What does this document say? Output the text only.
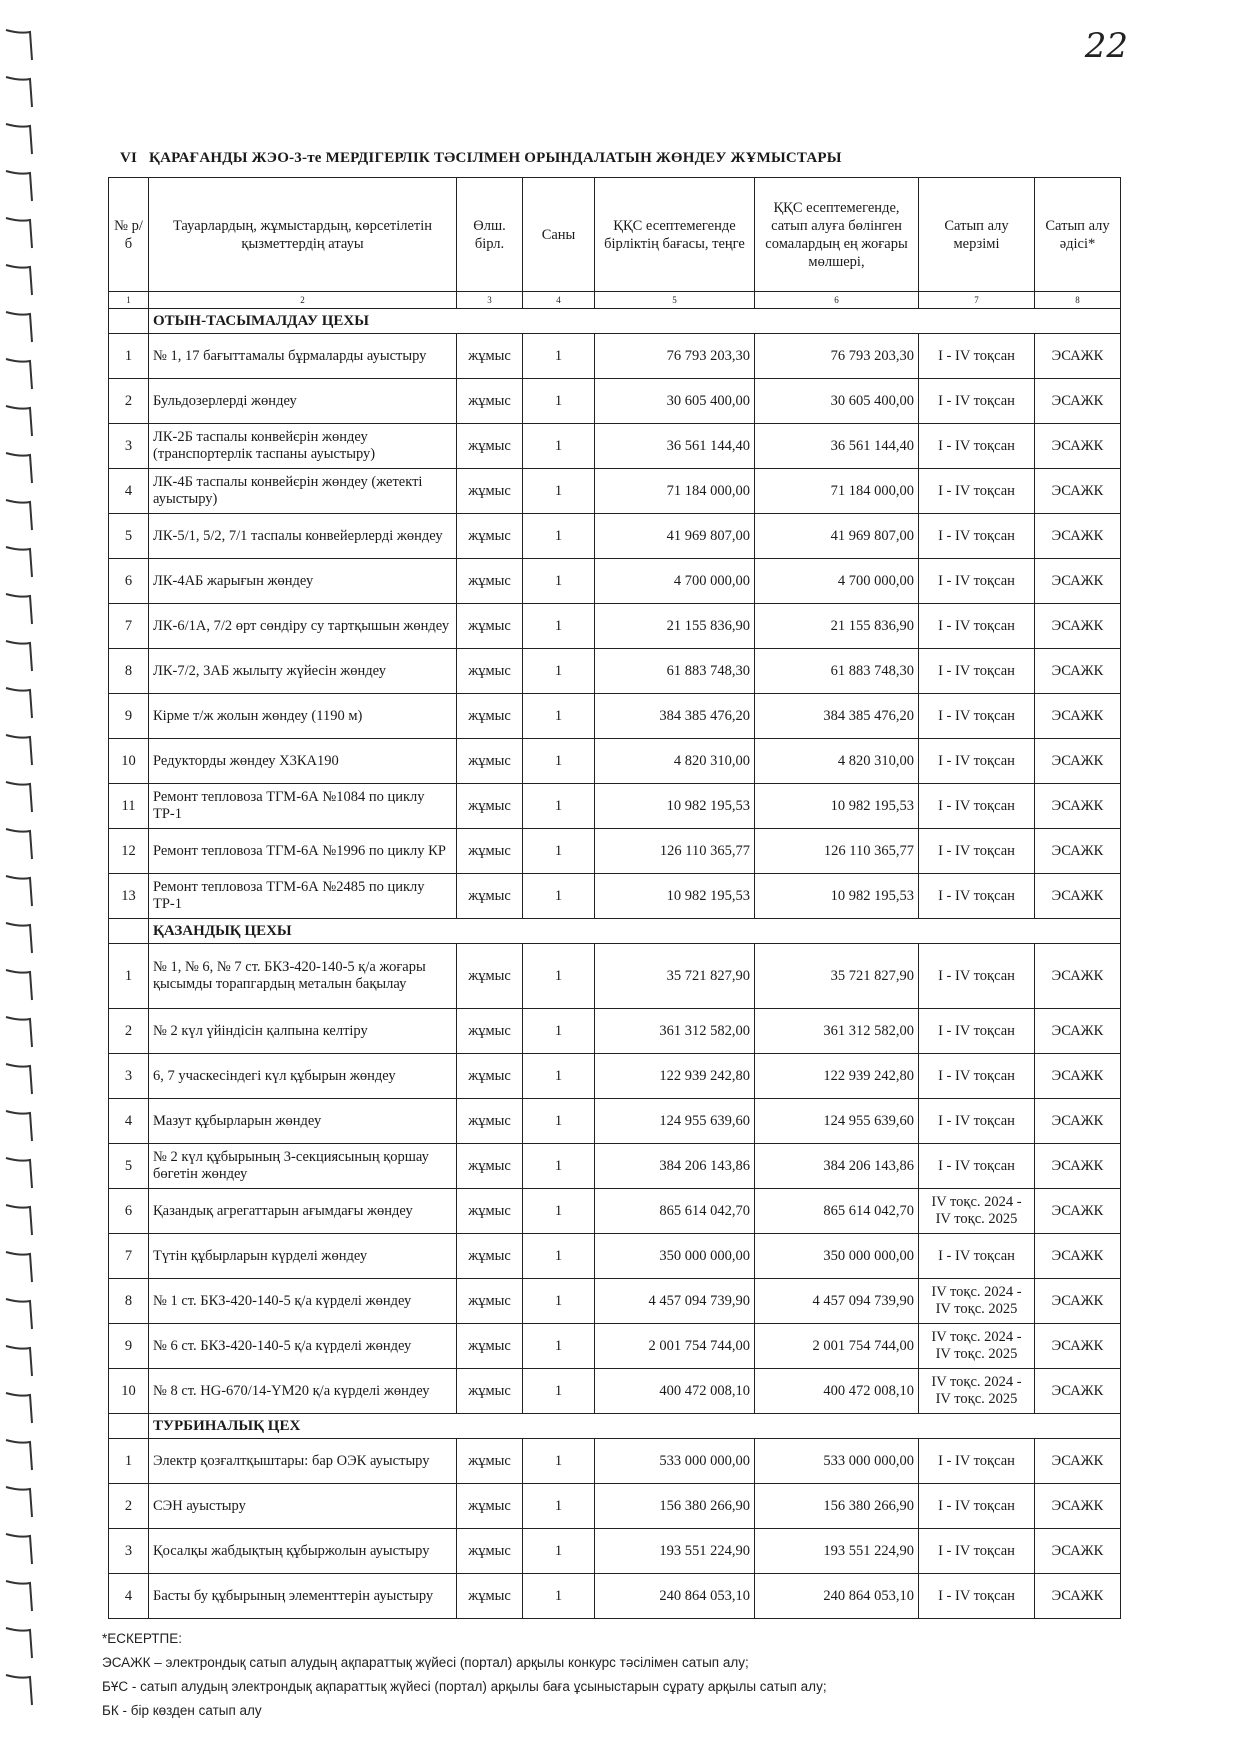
22
VI ҚАРАҒАНДЫ ЖЭО-3-те МЕРДІГЕРЛІК ТӘСІЛМЕН ОРЫНДАЛАТЫН ЖӨНДЕУ ЖҰМЫСТАРЫ
№ р/б	Тауарлардың, жұмыстардың, көрсетілетін қызметтердің атауы	Өлш. бірл.	Саны	ҚҚС есептемегенде бірліктің бағасы, теңге	ҚҚС есептемегенде, сатып алуға бөлінген сомалардың ең жоғары мөлшері,	Сатып алу мерзімі	Сатып алу әдісі*
1	2	3	4	5	6	7	8
	ОТЫН-ТАСЫМАЛДАУ ЦЕХЫ						
1	№ 1, 17 бағыттамалы бұрмаларды ауыстыру	жұмыс	1	76 793 203,30	76 793 203,30	I - IV тоқсан	ЭСАЖК
2	Бульдозерлерді жөндеу	жұмыс	1	30 605 400,00	30 605 400,00	I - IV тоқсан	ЭСАЖК
3	ЛК-2Б таспалы конвейєрін жөндеу (транспортерлік таспаны ауыстыру)	жұмыс	1	36 561 144,40	36 561 144,40	I - IV тоқсан	ЭСАЖК
4	ЛК-4Б таспалы конвейєрін жөндеу (жетекті ауыстыру)	жұмыс	1	71 184 000,00	71 184 000,00	I - IV тоқсан	ЭСАЖК
5	ЛК-5/1, 5/2, 7/1 таспалы конвейерлерді жөндеу	жұмыс	1	41 969 807,00	41 969 807,00	I - IV тоқсан	ЭСАЖК
6	ЛК-4АБ жарығын жөндеу	жұмыс	1	4 700 000,00	4 700 000,00	I - IV тоқсан	ЭСАЖК
7	ЛК-6/1А, 7/2 өрт сөндіру су тартқышын жөндеу	жұмыс	1	21 155 836,90	21 155 836,90	I - IV тоқсан	ЭСАЖК
8	ЛК-7/2, 3АБ жылыту жүйесін жөндеу	жұмыс	1	61 883 748,30	61 883 748,30	I - IV тоқсан	ЭСАЖК
9	Кірме т/ж жолын жөндеу (1190 м)	жұмыс	1	384 385 476,20	384 385 476,20	I - IV тоқсан	ЭСАЖК
10	Редукторды жөндеу Х3КА190	жұмыс	1	4 820 310,00	4 820 310,00	I - IV тоқсан	ЭСАЖК
11	Ремонт тепловоза ТГМ-6А №1084 по циклу ТР-1	жұмыс	1	10 982 195,53	10 982 195,53	I - IV тоқсан	ЭСАЖК
12	Ремонт тепловоза ТГМ-6А №1996 по циклу КР	жұмыс	1	126 110 365,77	126 110 365,77	I - IV тоқсан	ЭСАЖК
13	Ремонт тепловоза ТГМ-6А №2485 по циклу ТР-1	жұмыс	1	10 982 195,53	10 982 195,53	I - IV тоқсан	ЭСАЖК
	ҚАЗАНДЫҚ ЦЕХЫ						
1	№ 1, № 6, № 7 ст. БКЗ-420-140-5 қ/а жоғары қысымды торапгардың металын бақылау	жұмыс	1	35 721 827,90	35 721 827,90	I - IV тоқсан	ЭСАЖК
2	№ 2 күл үйіндісін қалпына келтіру	жұмыс	1	361 312 582,00	361 312 582,00	I - IV тоқсан	ЭСАЖК
3	6, 7 учаскесіндегі күл құбырын жөндеу	жұмыс	1	122 939 242,80	122 939 242,80	I - IV тоқсан	ЭСАЖК
4	Мазут құбырларын жөндеу	жұмыс	1	124 955 639,60	124 955 639,60	I - IV тоқсан	ЭСАЖК
5	№ 2 күл құбырының 3-секциясының қоршау бөгетін жөндеу	жұмыс	1	384 206 143,86	384 206 143,86	I - IV тоқсан	ЭСАЖК
6	Қазандық агрегаттарын ағымдағы жөндеу	жұмыс	1	865 614 042,70	865 614 042,70	IV тоқс. 2024 - IV тоқс. 2025	ЭСАЖК
7	Түтін құбырларын күрделі жөндеу	жұмыс	1	350 000 000,00	350 000 000,00	I - IV тоқсан	ЭСАЖК
8	№ 1 ст. БКЗ-420-140-5 қ/а күрделі жөндеу	жұмыс	1	4 457 094 739,90	4 457 094 739,90	IV тоқс. 2024 - IV тоқс. 2025	ЭСАЖК
9	№ 6 ст. БКЗ-420-140-5 қ/а күрделі жөндеу	жұмыс	1	2 001 754 744,00	2 001 754 744,00	IV тоқс. 2024 - IV тоқс. 2025	ЭСАЖК
10	№ 8 ст. HG-670/14-YM20 қ/а күрделі жөндеу	жұмыс	1	400 472 008,10	400 472 008,10	IV тоқс. 2024 - IV тоқс. 2025	ЭСАЖК
	ТУРБИНАЛЫҚ ЦЕХ						
1	Электр қозғалтқыштары: бар ОЭК ауыстыру	жұмыс	1	533 000 000,00	533 000 000,00	I - IV тоқсан	ЭСАЖК
2	СЭН ауыстыру	жұмыс	1	156 380 266,90	156 380 266,90	I - IV тоқсан	ЭСАЖК
3	Қосалқы жабдықтың құбыржолын ауыстыру	жұмыс	1	193 551 224,90	193 551 224,90	I - IV тоқсан	ЭСАЖК
4	Басты бу құбырының элементтерін ауыстыру	жұмыс	1	240 864 053,10	240 864 053,10	I - IV тоқсан	ЭСАЖК
*ЕСКЕРТПЕ:
ЭСАЖК – электрондық сатып алудың ақпараттық жүйесі (портал) арқылы конкурс тәсілімен сатып алу;
БҰС - сатып алудың электрондық ақпараттық жүйесі (портал) арқылы баға ұсыныстарын сұрату арқылы сатып алу;
БК - бір көзден сатып алу
